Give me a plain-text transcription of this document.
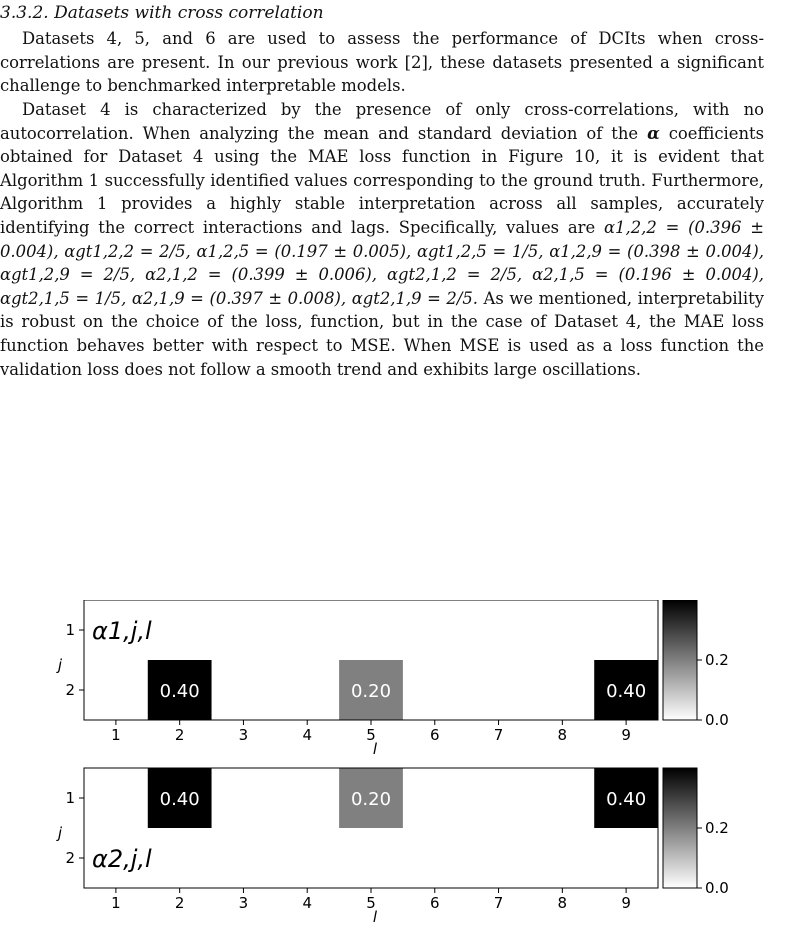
3.3.2. Datasets with cross correlation

Datasets 4, 5, and 6 are used to assess the performance of DCIts when cross-correlations are present. In our previous work [2], these datasets presented a significant challenge to benchmarked interpretable models.

Dataset 4 is characterized by the presence of only cross-correlations, with no autocorrelation. When analyzing the mean and standard deviation of the α coefficients obtained for Dataset 4 using the MAE loss function in Figure 10, it is evident that Algorithm 1 successfully identified values corresponding to the ground truth. Furthermore, Algorithm 1 provides a highly stable interpretation across all samples, accurately identifying the correct interactions and lags. Specifically, values are α1,2,2 = (0.396 ± 0.004), αgt1,2,2 = 2/5, α1,2,5 = (0.197 ± 0.005), αgt1,2,5 = 1/5, α1,2,9 = (0.398 ± 0.004), αgt1,2,9 = 2/5, α2,1,2 = (0.399 ± 0.006), αgt2,1,2 = 2/5, α2,1,5 = (0.196 ± 0.004), αgt2,1,5 = 1/5, α2,1,9 = (0.397 ± 0.008), αgt2,1,9 = 2/5. As we mentioned, interpretability is robust on the choice of the loss, function, but in the case of Dataset 4, the MAE loss function behaves better with respect to MSE. When MSE is used as a loss function the validation loss does not follow a smooth trend and exhibits large oscillations.

0.40	0.20	0.40
1	2	3	4	5	6	7	8	9
l
1
2
j
α1,j,l
0.0
0.2
0.40	0.20	0.40
1	2	3	4	5	6	7	8	9
l
1
2
j
α2,j,l
0.0
0.2
